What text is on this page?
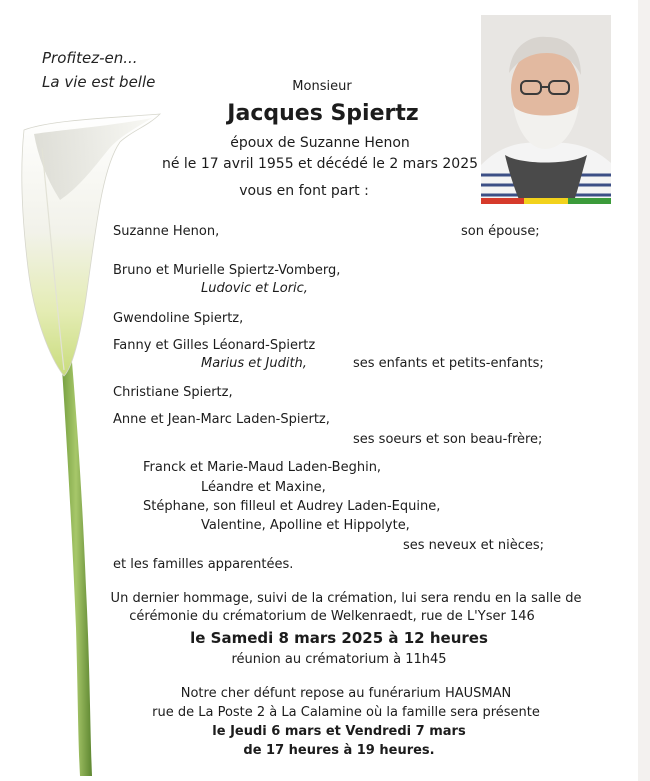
Profitez-en...
La vie est belle	Monsieur
Jacques Spiertz
époux de Suzanne Henon
né le 17 avril 1955 et décédé le 2 mars 2025
vous en font part :
Suzanne Henon,	son épouse;
Bruno et Murielle Spiertz-Vomberg,
Ludovic et Loric,
Gwendoline Spiertz,
Fanny et Gilles Léonard-Spiertz
Marius et Judith,	ses enfants et petits-enfants;
Christiane Spiertz,
Anne et Jean-Marc Laden-Spiertz,
ses soeurs et son beau-frère;
Franck et Marie-Maud Laden-Beghin,
Léandre et Maxine,
Stéphane, son filleul et Audrey Laden-Equine,
Valentine, Apolline et Hippolyte,
ses neveux et nièces;
et les familles apparentées.
Un dernier hommage, suivi de la crémation, lui sera rendu en la salle de
cérémonie du crématorium de Welkenraedt, rue de L'Yser 146
le Samedi 8 mars 2025 à 12 heures
réunion au crématorium à 11h45
Notre cher défunt repose au funérarium HAUSMAN
rue de La Poste 2 à La Calamine où la famille sera présente
le Jeudi 6 mars et Vendredi 7 mars
de 17 heures à 19 heures.
